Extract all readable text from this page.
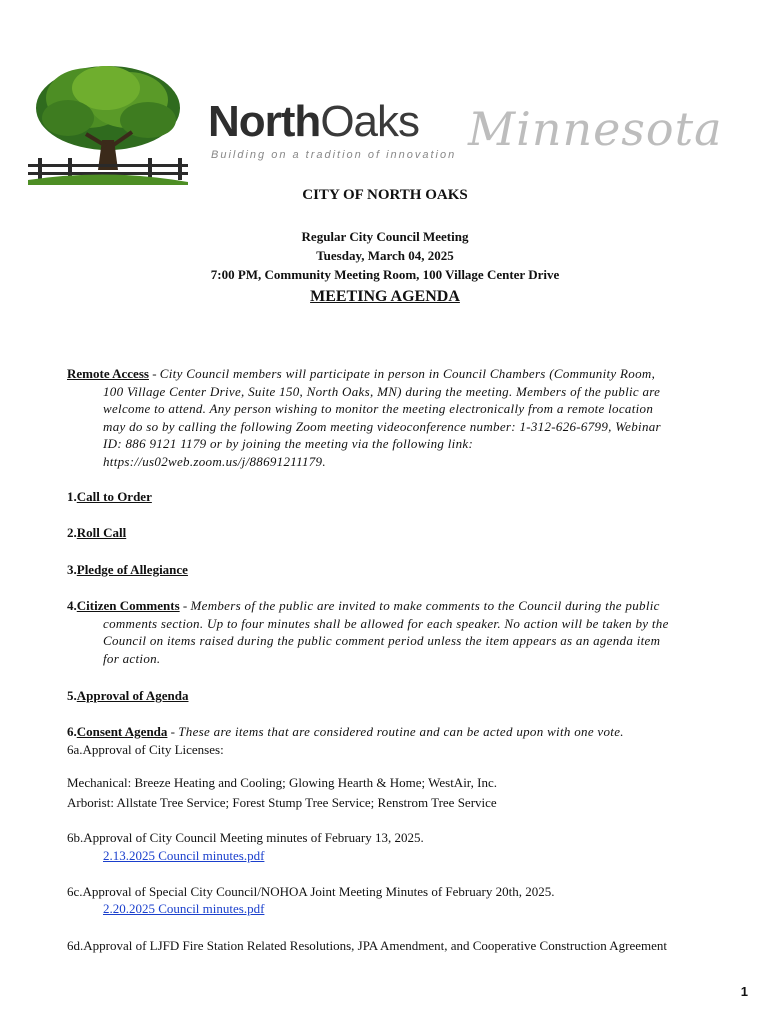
NorthOaks
Building on a tradition of innovation Minnesota
CITY OF NORTH OAKS
Regular City Council Meeting
Tuesday, March 04, 2025
7:00 PM, Community Meeting Room, 100 Village Center Drive
MEETING AGENDA
Remote Access - City Council members will participate in person in Council Chambers (Community Room,
100 Village Center Drive, Suite 150, North Oaks, MN) during the meeting. Members of the public are
welcome to attend. Any person wishing to monitor the meeting electronically from a remote location
may do so by calling the following Zoom meeting videoconference number: 1-312-626-6799, Webinar
ID: 886 9121 1179 or by joining the meeting via the following link:
https://us02web.zoom.us/j/88691211179.
1.Call to Order
2.Roll Call
3.Pledge of Allegiance
4.Citizen Comments - Members of the public are invited to make comments to the Council during the public
comments section. Up to four minutes shall be allowed for each speaker. No action will be taken by the
Council on items raised during the public comment period unless the item appears as an agenda item
for action.
5.Approval of Agenda
6.Consent Agenda - These are items that are considered routine and can be acted upon with one vote.
6a.Approval of City Licenses:
Mechanical: Breeze Heating and Cooling; Glowing Hearth & Home; WestAir, Inc.
Arborist: Allstate Tree Service; Forest Stump Tree Service; Renstrom Tree Service
6b.Approval of City Council Meeting minutes of February 13, 2025.
2.13.2025 Council minutes.pdf
6c.Approval of Special City Council/NOHOA Joint Meeting Minutes of February 20th, 2025.
2.20.2025 Council minutes.pdf
6d.Approval of LJFD Fire Station Related Resolutions, JPA Amendment, and Cooperative Construction Agreement
1
